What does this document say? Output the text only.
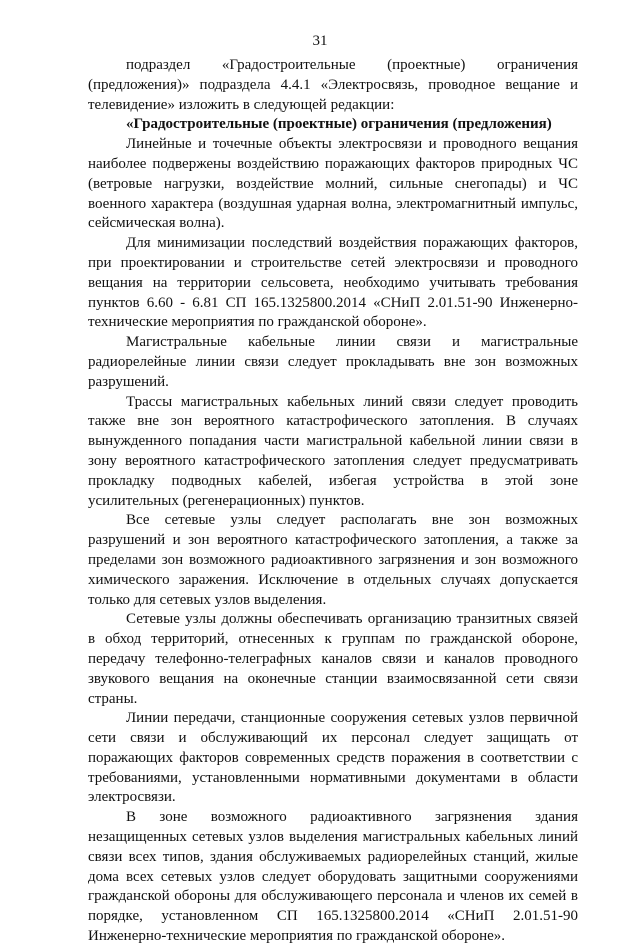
31

подраздел «Градостроительные (проектные) ограничения (предложения)» подраздела 4.4.1 «Электросвязь, проводное вещание и телевидение» изложить в следующей редакции:

«Градостроительные (проектные) ограничения (предложения)

Линейные и точечные объекты электросвязи и проводного вещания наиболее подвержены воздействию поражающих факторов природных ЧС (ветровые нагрузки, воздействие молний, сильные снегопады) и ЧС военного характера (воздушная ударная волна, электромагнитный импульс, сейсмическая волна).

Для минимизации последствий воздействия поражающих факторов, при проектировании и строительстве сетей электросвязи и проводного вещания на территории сельсовета, необходимо учитывать требования пунктов 6.60 - 6.81 СП 165.1325800.2014 «СНиП 2.01.51-90 Инженерно-технические мероприятия по гражданской обороне».

Магистральные кабельные линии связи и магистральные радиорелейные линии связи следует прокладывать вне зон возможных разрушений.

Трассы магистральных кабельных линий связи следует проводить также вне зон вероятного катастрофического затопления. В случаях вынужденного попадания части магистральной кабельной линии связи в зону вероятного катастрофического затопления следует предусматривать прокладку подводных кабелей, избегая устройства в этой зоне усилительных (регенерационных) пунктов.

Все сетевые узлы следует располагать вне зон возможных разрушений и зон вероятного катастрофического затопления, а также за пределами зон возможного радиоактивного загрязнения и зон возможного химического заражения. Исключение в отдельных случаях допускается только для сетевых узлов выделения.

Сетевые узлы должны обеспечивать организацию транзитных связей в обход территорий, отнесенных к группам по гражданской обороне, передачу телефонно-телеграфных каналов связи и каналов проводного звукового вещания на оконечные станции взаимосвязанной сети связи страны.

Линии передачи, станционные сооружения сетевых узлов первичной сети связи и обслуживающий их персонал следует защищать от поражающих факторов современных средств поражения в соответствии с требованиями, установленными нормативными документами в области электросвязи.

В зоне возможного радиоактивного загрязнения здания незащищенных сетевых узлов выделения магистральных кабельных линий связи всех типов, здания обслуживаемых радиорелейных станций, жилые дома всех сетевых узлов следует оборудовать защитными сооружениями гражданской обороны для обслуживающего персонала и членов их семей в порядке, установленном СП 165.1325800.2014 «СНиП 2.01.51-90 Инженерно-технические мероприятия по гражданской обороне».
